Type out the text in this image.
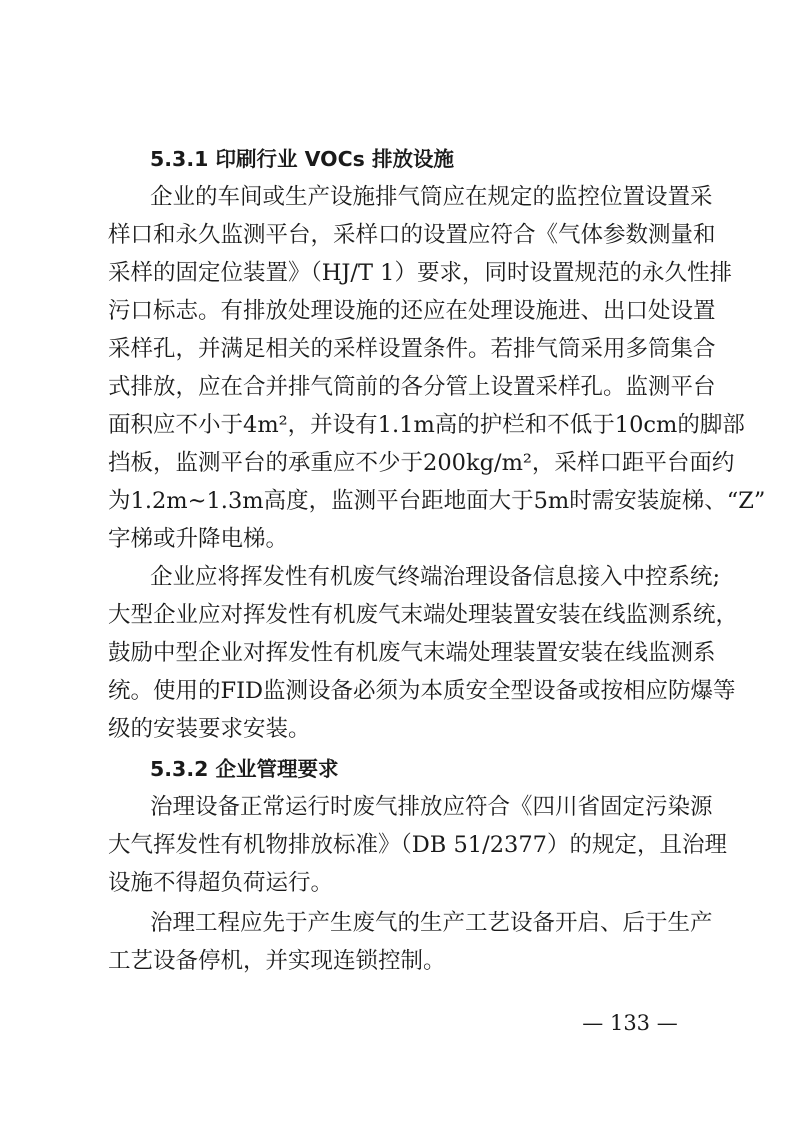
5.3.1 印刷行业 VOCs 排放设施
企业的车间或生产设施排气筒应在规定的监控位置设置采
样口和永久监测平台，采样口的设置应符合《气体参数测量和
采样的固定位装置》（HJ/T 1）要求，同时设置规范的永久性排
污口标志。有排放处理设施的还应在处理设施进、出口处设置
采样孔，并满足相关的采样设置条件。若排气筒采用多筒集合
式排放，应在合并排气筒前的各分管上设置采样孔。监测平台
面积应不小于4m²，并设有1.1m高的护栏和不低于10cm的脚部
挡板，监测平台的承重应不少于200kg/m²，采样口距平台面约
为1.2m~1.3m高度，监测平台距地面大于5m时需安装旋梯、“Z”
字梯或升降电梯。
企业应将挥发性有机废气终端治理设备信息接入中控系统;
大型企业应对挥发性有机废气末端处理装置安装在线监测系统，
鼓励中型企业对挥发性有机废气末端处理装置安装在线监测系
统。使用的FID监测设备必须为本质安全型设备或按相应防爆等
级的安装要求安装。
5.3.2 企业管理要求
治理设备正常运行时废气排放应符合《四川省固定污染源
大气挥发性有机物排放标准》（DB 51/2377）的规定，且治理
设施不得超负荷运行。
治理工程应先于产生废气的生产工艺设备开启、后于生产
工艺设备停机，并实现连锁控制。
— 133 —
